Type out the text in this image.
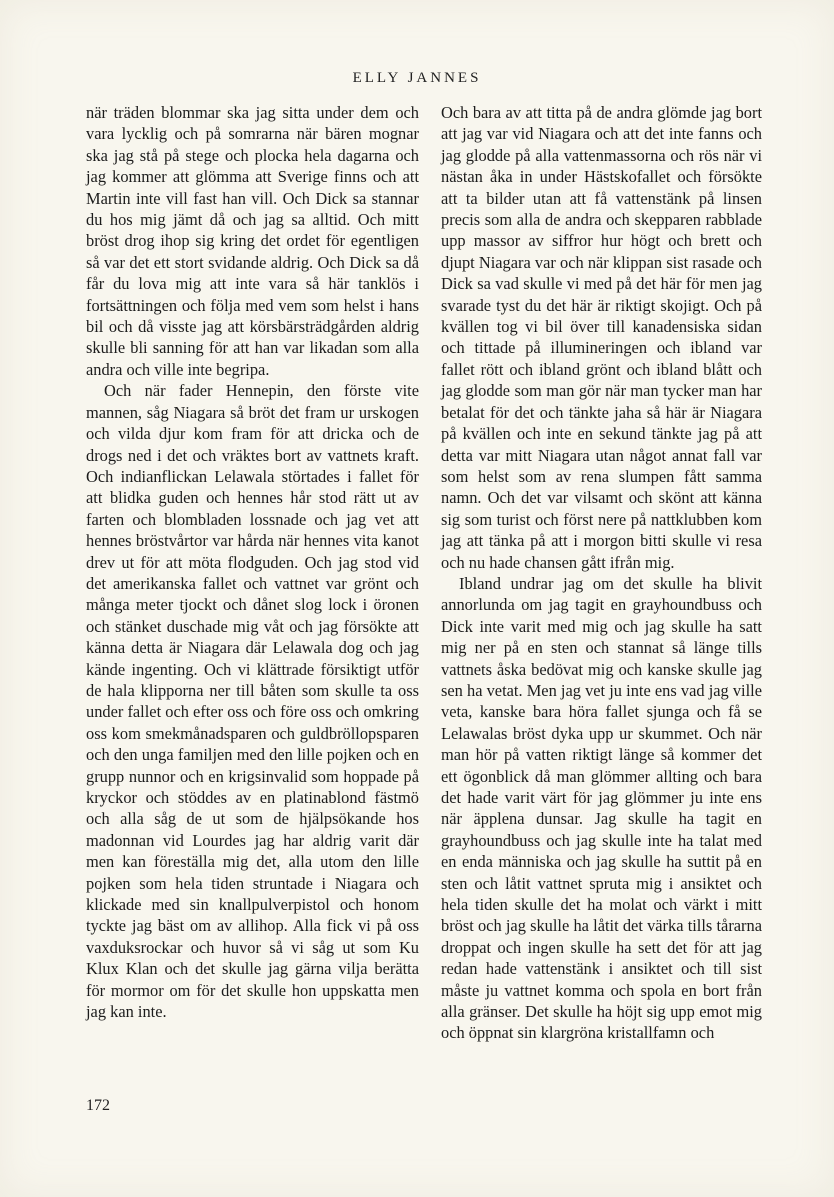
ELLY JANNES

när träden blommar ska jag sitta under dem och vara lycklig och på somrarna när bären mognar ska jag stå på stege och plocka hela dagarna och jag kommer att glömma att Sverige finns och att Martin inte vill fast han vill. Och Dick sa stannar du hos mig jämt då och jag sa alltid. Och mitt bröst drog ihop sig kring det ordet för egentligen så var det ett stort svidande aldrig. Och Dick sa då får du lova mig att inte vara så här tanklös i fortsättningen och följa med vem som helst i hans bil och då visste jag att körsbärsträdgården aldrig skulle bli sanning för att han var likadan som alla andra och ville inte begripa.

Och när fader Hennepin, den förste vite mannen, såg Niagara så bröt det fram ur urskogen och vilda djur kom fram för att dricka och de drogs ned i det och vräktes bort av vattnets kraft. Och indianflickan Lelawala störtades i fallet för att blidka guden och hennes hår stod rätt ut av farten och blombladen lossnade och jag vet att hennes bröstvårtor var hårda när hennes vita kanot drev ut för att möta flodguden. Och jag stod vid det amerikanska fallet och vattnet var grönt och många meter tjockt och dånet slog lock i öronen och stänket duschade mig våt och jag försökte att känna detta är Niagara där Lelawala dog och jag kände ingenting. Och vi klättrade försiktigt utför de hala klipporna ner till båten som skulle ta oss under fallet och efter oss och före oss och omkring oss kom smekmånadsparen och guldbröllopsparen och den unga familjen med den lille pojken och en grupp nunnor och en krigsinvalid som hoppade på kryckor och stöddes av en platinablond fästmö och alla såg de ut som de hjälpsökande hos madonnan vid Lourdes jag har aldrig varit där men kan föreställa mig det, alla utom den lille pojken som hela tiden struntade i Niagara och klickade med sin knallpulverpistol och honom tyckte jag bäst om av allihop. Alla fick vi på oss vaxduksrockar och huvor så vi såg ut som Ku Klux Klan och det skulle jag gärna vilja berätta för mormor om för det skulle hon uppskatta men jag kan inte.

Och bara av att titta på de andra glömde jag bort att jag var vid Niagara och att det inte fanns och jag glodde på alla vattenmassorna och rös när vi nästan åka in under Hästskofallet och försökte att ta bilder utan att få vattenstänk på linsen precis som alla de andra och skepparen rabblade upp massor av siffror hur högt och brett och djupt Niagara var och när klippan sist rasade och Dick sa vad skulle vi med på det här för men jag svarade tyst du det här är riktigt skojigt. Och på kvällen tog vi bil över till kanadensiska sidan och tittade på illumineringen och ibland var fallet rött och ibland grönt och ibland blått och jag glodde som man gör när man tycker man har betalat för det och tänkte jaha så här är Niagara på kvällen och inte en sekund tänkte jag på att detta var mitt Niagara utan något annat fall var som helst som av rena slumpen fått samma namn. Och det var vilsamt och skönt att känna sig som turist och först nere på nattklubben kom jag att tänka på att i morgon bitti skulle vi resa och nu hade chansen gått ifrån mig.

Ibland undrar jag om det skulle ha blivit annorlunda om jag tagit en grayhoundbuss och Dick inte varit med mig och jag skulle ha satt mig ner på en sten och stannat så länge tills vattnets åska bedövat mig och kanske skulle jag sen ha vetat. Men jag vet ju inte ens vad jag ville veta, kanske bara höra fallet sjunga och få se Lelawalas bröst dyka upp ur skummet. Och när man hör på vatten riktigt länge så kommer det ett ögonblick då man glömmer allting och bara det hade varit värt för jag glömmer ju inte ens när äpplena dunsar. Jag skulle ha tagit en grayhoundbuss och jag skulle inte ha talat med en enda människa och jag skulle ha suttit på en sten och låtit vattnet spruta mig i ansiktet och hela tiden skulle det ha molat och värkt i mitt bröst och jag skulle ha låtit det värka tills tårarna droppat och ingen skulle ha sett det för att jag redan hade vattenstänk i ansiktet och till sist måste ju vattnet komma och spola en bort från alla gränser. Det skulle ha höjt sig upp emot mig och öppnat sin klargröna kristallfamn och

172
